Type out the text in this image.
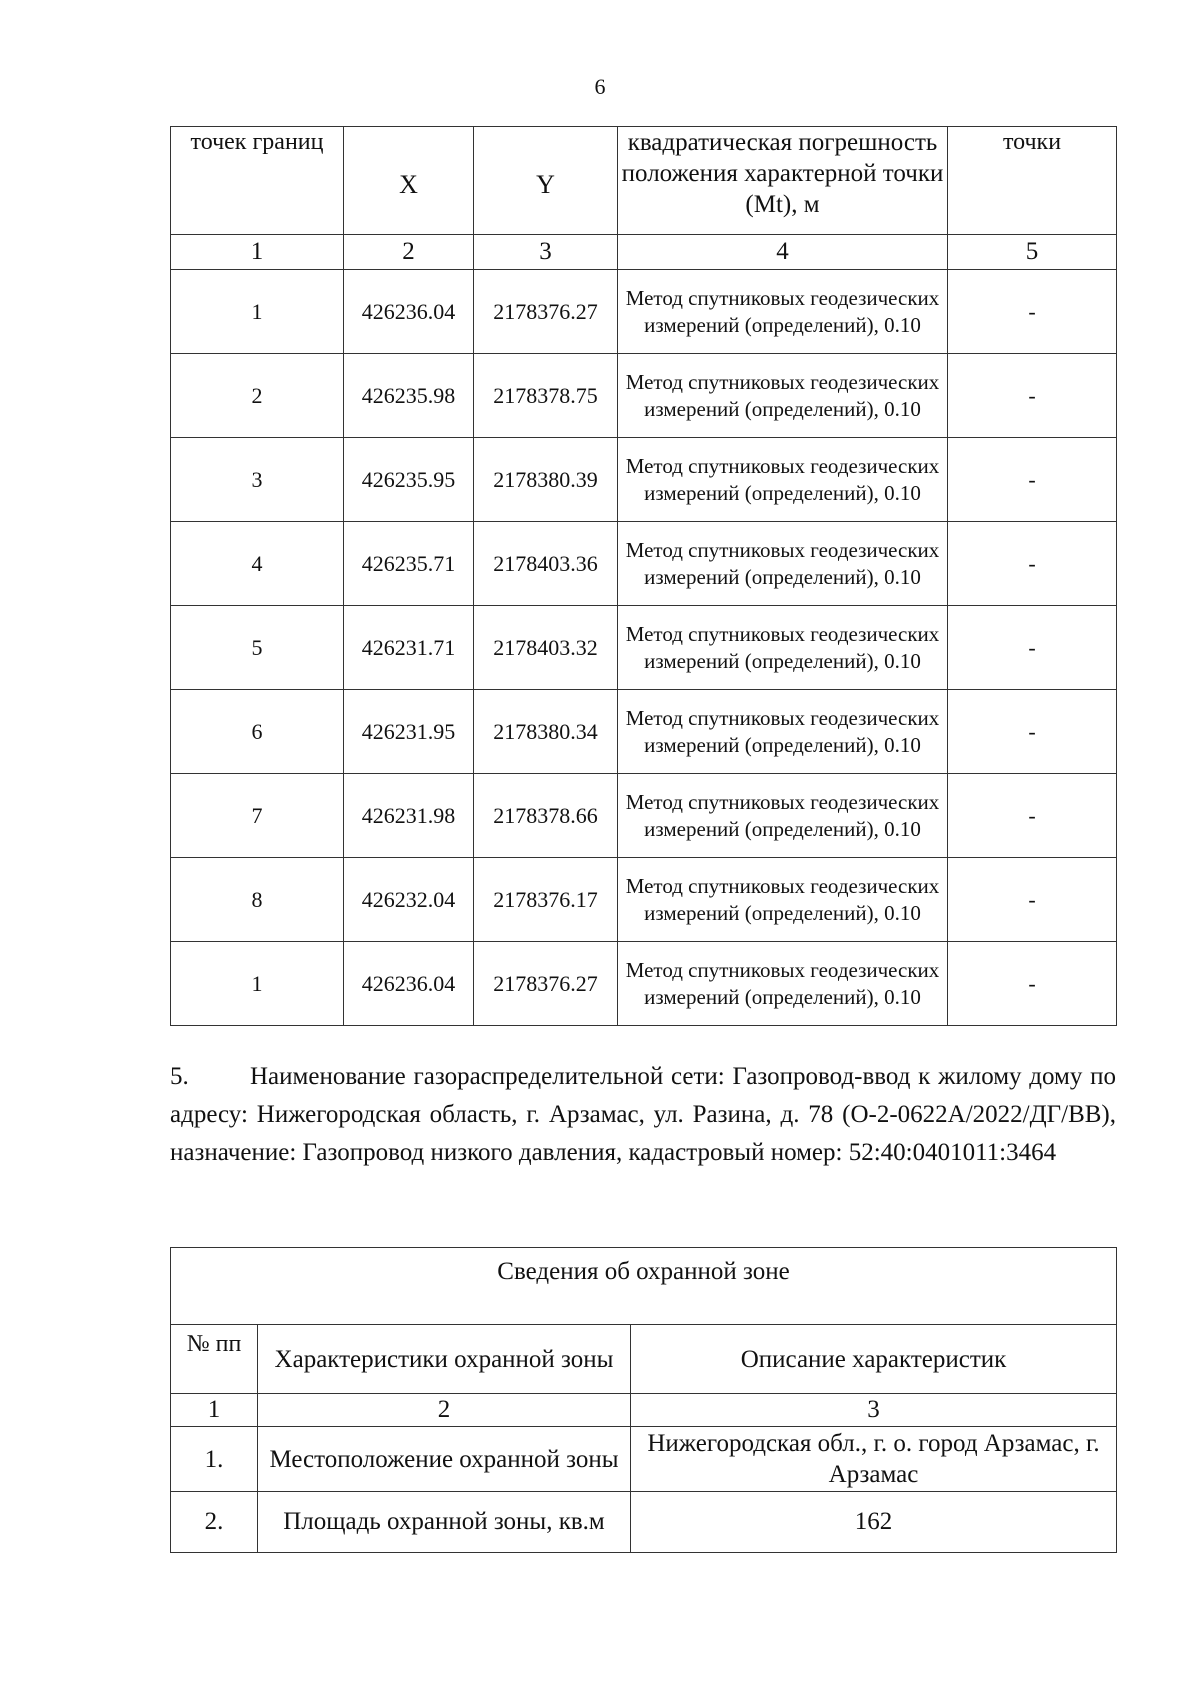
6
точек границ	X	Y	квадратическая погрешность положения характерной точки (Mt), м	точки
1	2	3	4	5
1	426236.04	2178376.27	Метод спутниковых геодезических измерений (определений), 0.10	-
2	426235.98	2178378.75	Метод спутниковых геодезических измерений (определений), 0.10	-
3	426235.95	2178380.39	Метод спутниковых геодезических измерений (определений), 0.10	-
4	426235.71	2178403.36	Метод спутниковых геодезических измерений (определений), 0.10	-
5	426231.71	2178403.32	Метод спутниковых геодезических измерений (определений), 0.10	-
6	426231.95	2178380.34	Метод спутниковых геодезических измерений (определений), 0.10	-
7	426231.98	2178378.66	Метод спутниковых геодезических измерений (определений), 0.10	-
8	426232.04	2178376.17	Метод спутниковых геодезических измерений (определений), 0.10	-
1	426236.04	2178376.27	Метод спутниковых геодезических измерений (определений), 0.10	-
5. Наименование газораспределительной сети: Газопровод-ввод к жилому дому по адресу: Нижегородская область, г. Арзамас, ул. Разина, д. 78 (О-2-0622А/2022/ДГ/ВВ), назначение: Газопровод низкого давления, кадастровый номер: 52:40:0401011:3464
Сведения об охранной зоне		
№ пп	Характеристики охранной зоны	Описание характеристик
1	2	3
1.	Местоположение охранной зоны	Нижегородская обл., г. о. город Арзамас, г. Арзамас
2.	Площадь охранной зоны, кв.м	162
